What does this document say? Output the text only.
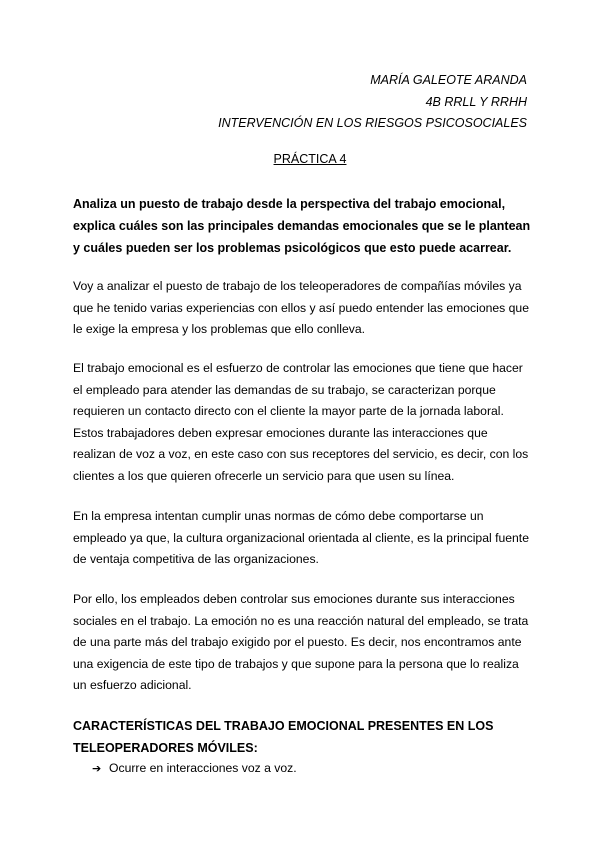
MARÍA GALEOTE ARANDA
4B RRLL Y RRHH
INTERVENCIÓN EN LOS RIESGOS PSICOSOCIALES
PRÁCTICA 4
Analiza un puesto de trabajo desde la perspectiva del trabajo emocional, explica cuáles son las principales demandas emocionales que se le plantean y cuáles pueden ser los problemas psicológicos que esto puede acarrear.
Voy a analizar el puesto de trabajo de los teleoperadores de compañías móviles ya que he tenido varias experiencias con ellos y así puedo entender las emociones que le exige la empresa y los problemas que ello conlleva.
El trabajo emocional es el esfuerzo de controlar las emociones que tiene que hacer el empleado para atender las demandas de su trabajo, se caracterizan porque requieren un contacto directo con el cliente la mayor parte de la jornada laboral. Estos trabajadores deben expresar emociones durante las interacciones que realizan de voz a voz, en este caso con sus receptores del servicio, es decir, con los clientes a los que quieren ofrecerle un servicio para que usen su línea.
En la empresa intentan cumplir unas normas de cómo debe comportarse un empleado ya que, la cultura organizacional orientada al cliente, es la principal fuente de ventaja competitiva de las organizaciones.
Por ello, los empleados deben controlar sus emociones durante sus interacciones sociales en el trabajo. La emoción no es una reacción natural del empleado, se trata de una parte más del trabajo exigido por el puesto. Es decir, nos encontramos ante una exigencia de este tipo de trabajos y que supone para la persona que lo realiza un esfuerzo adicional.
CARACTERÍSTICAS DEL TRABAJO EMOCIONAL PRESENTES EN LOS TELEOPERADORES MÓVILES:
➔ Ocurre en interacciones voz a voz.
